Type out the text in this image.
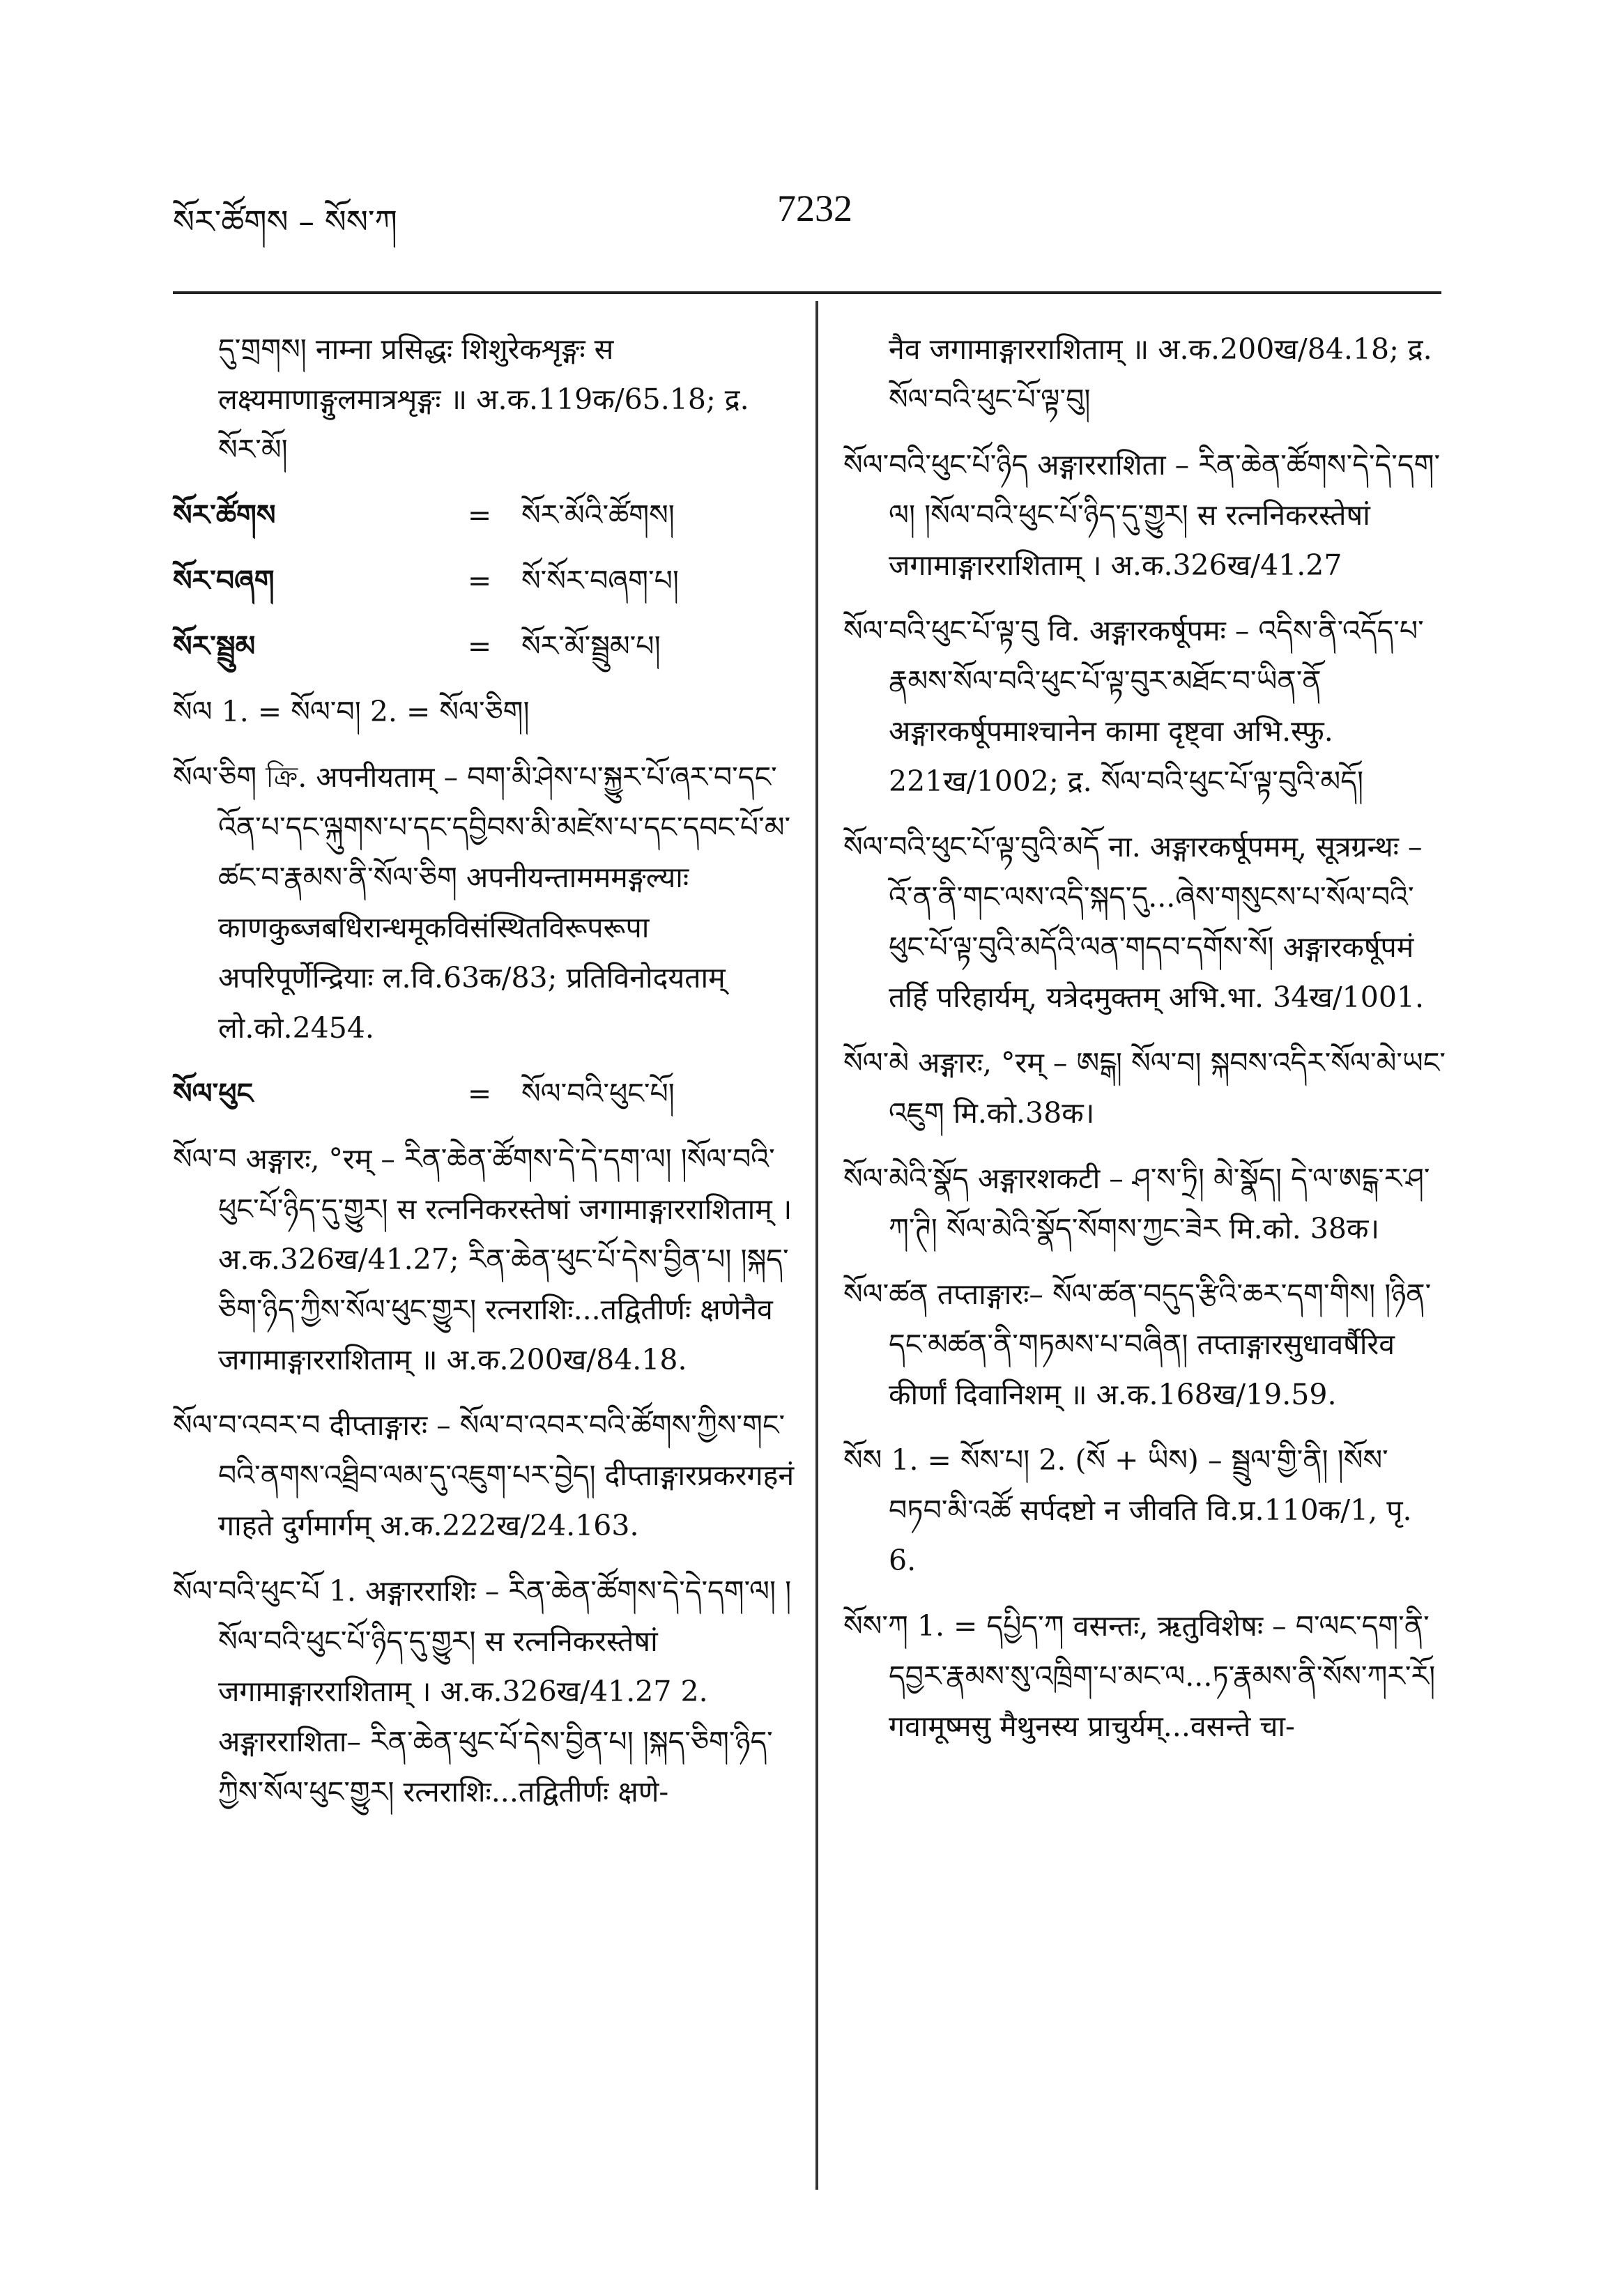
སོར་ཚོགས – སོས་ཀ	7232

དུ་གྲགས། नाम्ना प्रसिद्धः शिशुरेकशृङ्गः स लक्ष्यमाणाङ्गुलमात्रशृङ्गः ॥ अ.क.119क/65.18; द्र. སོར་མོ།

སོར་ཚོགས	=	སོར་མོའི་ཚོགས།
སོར་བཞག	=	སོ་སོར་བཞག་པ།
སོར་སྦྲུམ	=	སོར་མོ་སྦྲུམ་པ།

སོལ 1. = སོལ་བ། 2. = སོལ་ཅིག།

སོལ་ཅིག ক্রি. अपनीयताम् – བག་མི་ཤེས་པ་སྐྱུར་པོ་ཞར་བ་དང་འོན་པ་དང་ལྐུགས་པ་དང་དབྱིབས་མི་མཛེས་པ་དང་དབང་པོ་མ་ཚང་བ་རྣམས་ནི་སོལ་ཅིག अपनीयन्तामममङ्गल्याः काणकुब्जबधिरान्धमूकविसंस्थितविरूपरूपा अपरिपूर्णेन्द्रियाः ल.वि.63क/83; प्रतिविनोदयताम् लो.को.2454.

སོལ་ཕུང	=	སོལ་བའི་ཕུང་པོ།

སོལ་བ अङ्गारः, °रम् – རིན་ཆེན་ཚོགས་དེ་དེ་དག་ལ། །སོལ་བའི་ཕུང་པོ་ཉིད་དུ་གྱུར། स रत्ननिकरस्तेषां जगामाङ्गारराशिताम् । अ.क.326ख/41.27; རིན་ཆེན་ཕུང་པོ་དེས་བྱིན་པ། །སྐད་ཅིག་ཉིད་ཀྱིས་སོལ་ཕུང་གྱུར། रत्नराशिः...तद्वितीर्णः क्षणेनैव जगामाङ्गारराशिताम् ॥ अ.क.200ख/84.18.

སོལ་བ་འབར་བ दीप्ताङ्गारः – སོལ་བ་འབར་བའི་ཚོགས་ཀྱིས་གང་བའི་ནགས་འཐྲིབ་ལམ་དུ་འཇུག་པར་བྱེད། दीप्ताङ्गारप्रकरगहनं गाहते दुर्गमार्गम् अ.क.222ख/24.163.

སོལ་བའི་ཕུང་པོ 1. अङ्गारराशिः – རིན་ཆེན་ཚོགས་དེ་དེ་དག་ལ། །སོལ་བའི་ཕུང་པོ་ཉིད་དུ་གྱུར། स रत्ननिकरस्तेषां जगामाङ्गारराशिताम् । अ.क.326ख/41.27 2. अङ्गारराशिता– རིན་ཆེན་ཕུང་པོ་དེས་བྱིན་པ། །སྐད་ཅིག་ཉིད་ཀྱིས་སོལ་ཕུང་གྱུར། रत्नराशिः...तद्वितीर्णः क्षणे-

नैव जगामाङ्गारराशिताम् ॥ अ.क.200ख/84.18; द्र. སོལ་བའི་ཕུང་པོ་ལྟ་བུ།

སོལ་བའི་ཕུང་པོ་ཉིད अङ्गारराशिता – རིན་ཆེན་ཚོགས་དེ་དེ་དག་ལ། །སོལ་བའི་ཕུང་པོ་ཉིད་དུ་གྱུར། स रत्ननिकरस्तेषां जगामाङ्गारराशिताम् । अ.क.326ख/41.27

སོལ་བའི་ཕུང་པོ་ལྟ་བུ वि. अङ्गारकर्षूपमः – འདིས་ནི་འདོད་པ་རྣམས་སོལ་བའི་ཕུང་པོ་ལྟ་བུར་མཐོང་བ་ཡིན་ནོ अङ्गारकर्षूपमाश्चानेन कामा दृष्ट्वा अभि.स्फु. 221ख/1002; द्र. སོལ་བའི་ཕུང་པོ་ལྟ་བུའི་མདོ།

སོལ་བའི་ཕུང་པོ་ལྟ་བུའི་མདོ ना. अङ्गारकर्षूपमम्, सूत्रग्रन्थः – འོ་ན་ནི་གང་ལས་འདི་སྐད་དུ...ཞེས་གསུངས་པ་སོལ་བའི་ཕུང་པོ་ལྟ་བུའི་མདོའི་ལན་གདབ་དགོས་སོ། अङ्गारकर्षूपमं तर्हि परिहार्यम्, यत्रेदमुक्तम् अभि.भा. 34ख/1001.

སོལ་མེ अङ्गारः, °रम् – ཨངྒ། སོལ་བ། སྐབས་འདིར་སོལ་མེ་ཡང་འཇུག मि.को.38क।

སོལ་མེའི་སྣོད अङ्गारशकटी – ཤ་ས་ཏྲི། མེ་སྣོད། དེ་ལ་ཨངྒ་ར་ཤ་ཀ་ཊི། སོལ་མེའི་སྣོད་སོགས་ཀྱང་ཟེར मि.को. 38क।

སོལ་ཚན तप्ताङ्गारः– སོལ་ཚན་བདུད་རྩིའི་ཆར་དག་གིས། །ཉིན་དང་མཚན་ནི་གཏམས་པ་བཞིན། तप्ताङ्गारसुधावर्षैरिव कीर्णां दिवानिशम् ॥ अ.क.168ख/19.59.

སོས 1. = སོས་པ། 2. (སོ + ཡིས) – སྦྲུལ་གྱི་ནི། །སོས་བཏབ་མི་འཚོ सर्पदष्टो न जीवति वि.प्र.110क/1, पृ. 6.

སོས་ཀ 1. = དཔྱིད་ཀ वसन्तः, ऋतुविशेषः – བ་ལང་དག་ནི་དབྱར་རྣམས་སུ་འཁྲིག་པ་མང་ལ...ཏ་རྣམས་ནི་སོས་ཀར་རོ། गवामूष्मसु मैथुनस्य प्राचुर्यम्...वसन्ते चा-
